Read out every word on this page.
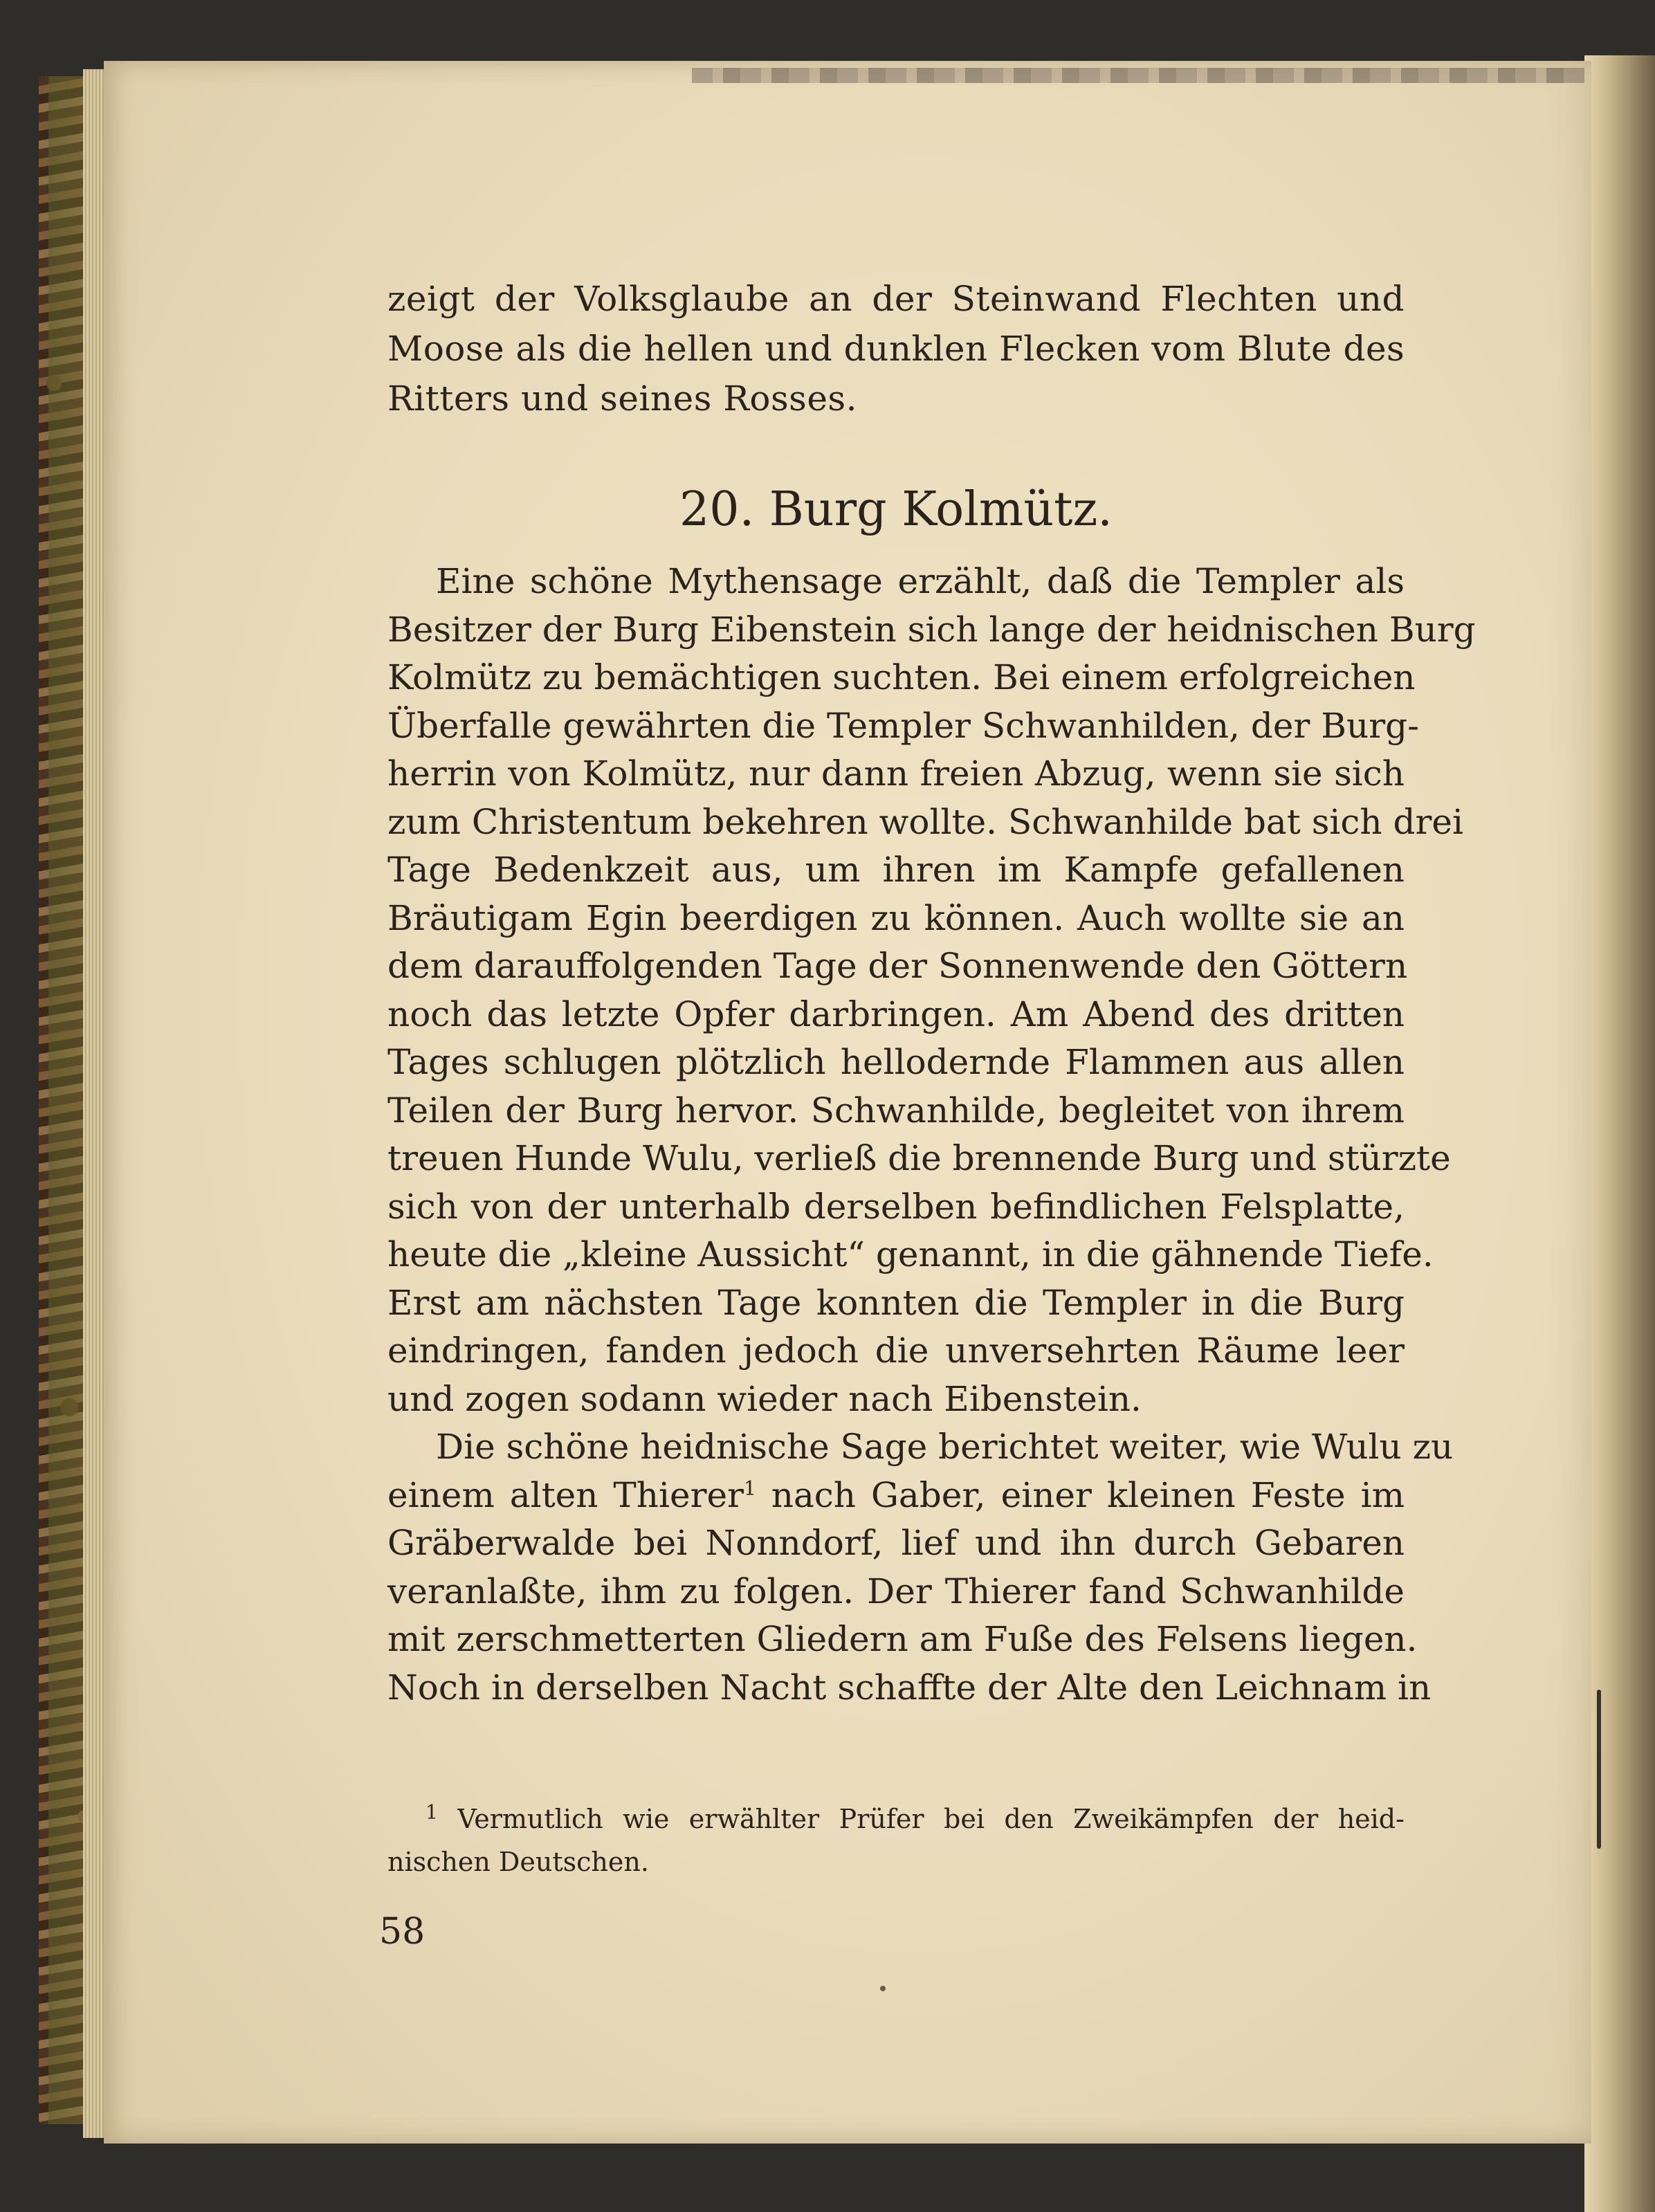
zeigt der Volksglaube an der Steinwand Flechten und
Moose als die hellen und dunklen Flecken vom Blute des
Ritters und seines Rosses.
20. Burg Kolmütz.
Eine schöne Mythensage erzählt, daß die Templer als
Besitzer der Burg Eibenstein sich lange der heidnischen Burg
Kolmütz zu bemächtigen suchten. Bei einem erfolgreichen
Überfalle gewährten die Templer Schwanhilden, der Burg-
herrin von Kolmütz, nur dann freien Abzug, wenn sie sich
zum Christentum bekehren wollte. Schwanhilde bat sich drei
Tage Bedenkzeit aus, um ihren im Kampfe gefallenen
Bräutigam Egin beerdigen zu können. Auch wollte sie an
dem darauffolgenden Tage der Sonnenwende den Göttern
noch das letzte Opfer darbringen. Am Abend des dritten
Tages schlugen plötzlich hellodernde Flammen aus allen
Teilen der Burg hervor. Schwanhilde, begleitet von ihrem
treuen Hunde Wulu, verließ die brennende Burg und stürzte
sich von der unterhalb derselben befindlichen Felsplatte,
heute die „kleine Aussicht“ genannt, in die gähnende Tiefe.
Erst am nächsten Tage konnten die Templer in die Burg
eindringen, fanden jedoch die unversehrten Räume leer
und zogen sodann wieder nach Eibenstein.
Die schöne heidnische Sage berichtet weiter, wie Wulu zu
einem alten Thierer$^1$ nach Gaber, einer kleinen Feste im
Gräberwalde bei Nonndorf, lief und ihn durch Gebaren
veranlaßte, ihm zu folgen. Der Thierer fand Schwanhilde
mit zerschmetterten Gliedern am Fuße des Felsens liegen.
Noch in derselben Nacht schaffte der Alte den Leichnam in
$^1$ Vermutlich wie erwählter Prüfer bei den Zweikämpfen der heid-
nischen Deutschen.
58
